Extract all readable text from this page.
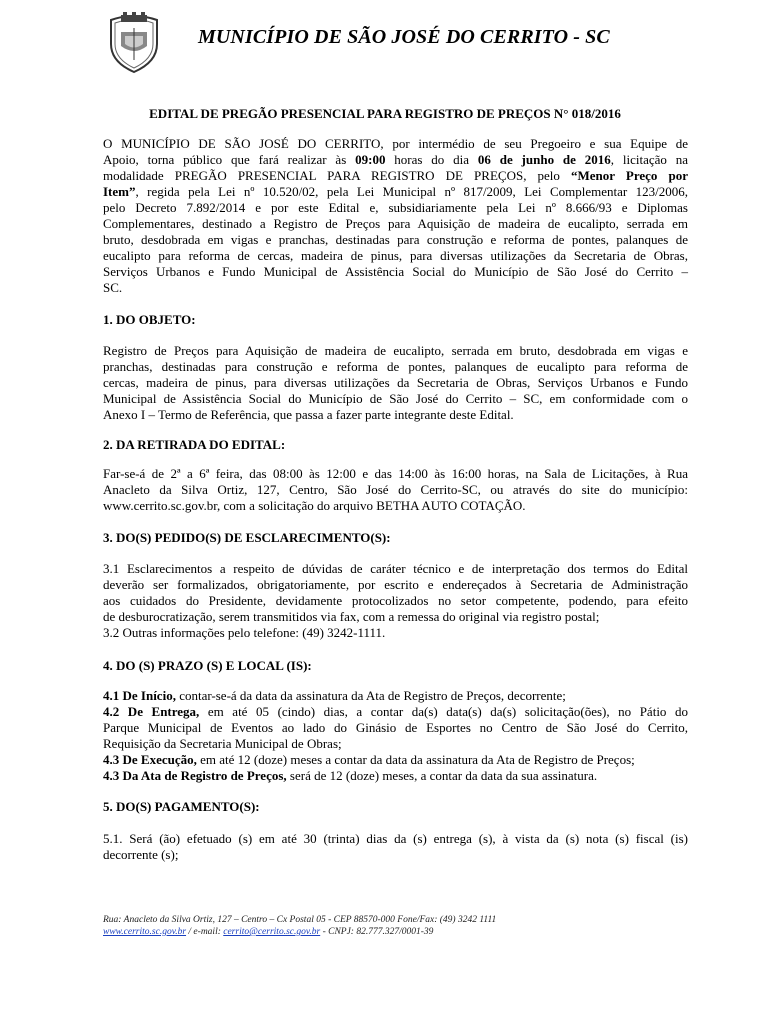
MUNICÍPIO DE SÃO JOSÉ DO CERRITO - SC
EDITAL DE PREGÃO PRESENCIAL PARA REGISTRO DE PREÇOS N° 018/2016
O MUNICÍPIO DE SÃO JOSÉ DO CERRITO, por intermédio de seu Pregoeiro e sua Equipe de
Apoio, torna público que fará realizar às 09:00 horas do dia 06 de junho de 2016, licitação na
modalidade PREGÃO PRESENCIAL PARA REGISTRO DE PREÇOS, pelo “Menor Preço por
Item”, regida pela Lei nº 10.520/02, pela Lei Municipal nº 817/2009, Lei Complementar 123/2006,
pelo Decreto 7.892/2014 e por este Edital e, subsidiariamente pela Lei nº 8.666/93 e Diplomas
Complementares, destinado a Registro de Preços para Aquisição de madeira de eucalipto, serrada em
bruto, desdobrada em vigas e pranchas, destinadas para construção e reforma de pontes, palanques de
eucalipto para reforma de cercas, madeira de pinus, para diversas utilizações da Secretaria de Obras,
Serviços Urbanos e Fundo Municipal de Assistência Social do Município de São José do Cerrito –
SC.
1. DO OBJETO:
Registro de Preços para Aquisição de madeira de eucalipto, serrada em bruto, desdobrada em vigas e
pranchas, destinadas para construção e reforma de pontes, palanques de eucalipto para reforma de
cercas, madeira de pinus, para diversas utilizações da Secretaria de Obras, Serviços Urbanos e Fundo
Municipal de Assistência Social do Município de São José do Cerrito – SC, em conformidade com o
Anexo I – Termo de Referência, que passa a fazer parte integrante deste Edital.
2. DA RETIRADA DO EDITAL:
Far-se-á de 2ª a 6ª feira, das 08:00 às 12:00 e das 14:00 às 16:00 horas, na Sala de Licitações, à Rua
Anacleto da Silva Ortiz, 127, Centro, São José do Cerrito-SC, ou através do site do município:
www.cerrito.sc.gov.br, com a solicitação do arquivo BETHA AUTO COTAÇÃO.
3. DO(S) PEDIDO(S) DE ESCLARECIMENTO(S):
3.1 Esclarecimentos a respeito de dúvidas de caráter técnico e de interpretação dos termos do Edital
deverão ser formalizados, obrigatoriamente, por escrito e endereçados à Secretaria de Administração
aos cuidados do Presidente, devidamente protocolizados no setor competente, podendo, para efeito
de desburocratização, serem transmitidos via fax, com a remessa do original via registro postal;
3.2 Outras informações pelo telefone: (49) 3242-1111.
4. DO (S) PRAZO (S) E LOCAL (IS):
4.1 De Início, contar-se-á da data da assinatura da Ata de Registro de Preços, decorrente;
4.2 De Entrega, em até 05 (cindo) dias, a contar da(s) data(s) da(s) solicitação(ões), no Pátio do
Parque Municipal de Eventos ao lado do Ginásio de Esportes no Centro de São José do Cerrito,
Requisição da Secretaria Municipal de Obras;
4.3 De Execução, em até 12 (doze) meses a contar da data da assinatura da Ata de Registro de Preços;
4.3 Da Ata de Registro de Preços, será de 12 (doze) meses, a contar da data da sua assinatura.
5. DO(S) PAGAMENTO(S):
5.1. Será (ão) efetuado (s) em até 30 (trinta) dias da (s) entrega (s), à vista da (s) nota (s) fiscal (is)
decorrente (s);
Rua: Anacleto da Silva Ortiz, 127 – Centro – Cx Postal 05 - CEP 88570-000 Fone/Fax: (49) 3242 1111
www.cerrito.sc.gov.br / e-mail: cerrito@cerrito.sc.gov.br - CNPJ: 82.777.327/0001-39
